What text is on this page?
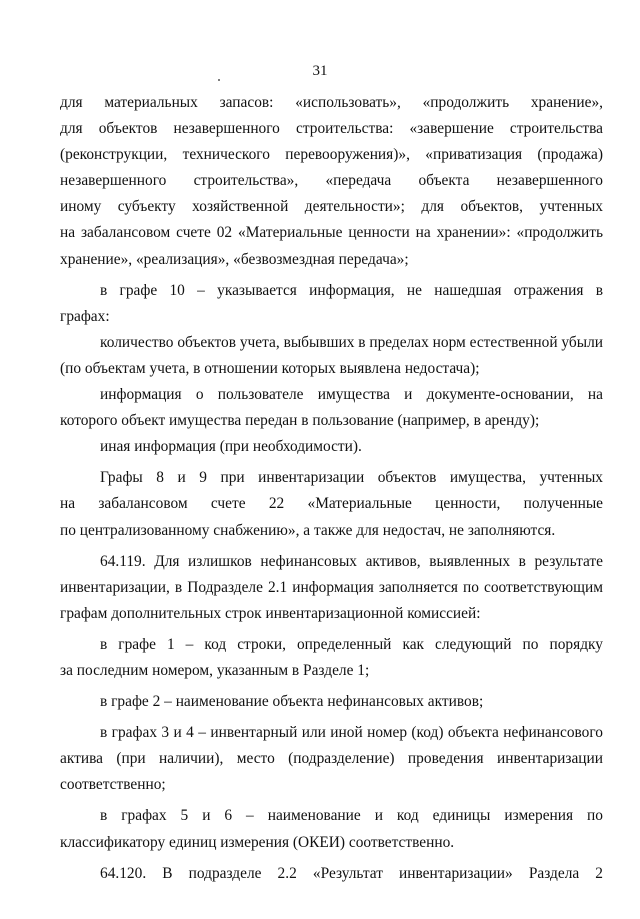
31
для материальных запасов: «использовать», «продолжить хранение»,
для объектов незавершенного строительства: «завершение строительства
(реконструкции, технического перевооружения)», «приватизация (продажа)
незавершенного строительства», «передача объекта незавершенного
иному субъекту хозяйственной деятельности»; для объектов, учтенных
на забалансовом счете 02 «Материальные ценности на хранении»: «продолжить
хранение», «реализация», «безвозмездная передача»;
в графе 10 – указывается информация, не нашедшая отражения в
графах:
количество объектов учета, выбывших в пределах норм естественной убыли
(по объектам учета, в отношении которых выявлена недостача);
информация о пользователе имущества и документе-основании, на
которого объект имущества передан в пользование (например, в аренду);
иная информация (при необходимости).
Графы 8 и 9 при инвентаризации объектов имущества, учтенных
на забалансовом счете 22 «Материальные ценности, полученные
по централизованному снабжению», а также для недостач, не заполняются.
64.119. Для излишков нефинансовых активов, выявленных в результате
инвентаризации, в Подразделе 2.1 информация заполняется по соответствующим
графам дополнительных строк инвентаризационной комиссией:
в графе 1 – код строки, определенный как следующий по порядку
за последним номером, указанным в Разделе 1;
в графе 2 – наименование объекта нефинансовых активов;
в графах 3 и 4 – инвентарный или иной номер (код) объекта нефинансового
актива (при наличии), место (подразделение) проведения инвентаризации
соответственно;
в графах 5 и 6 – наименование и код единицы измерения по
классификатору единиц измерения (ОКЕИ) соответственно.
64.120. В подразделе 2.2 «Результат инвентаризации» Раздела 2
